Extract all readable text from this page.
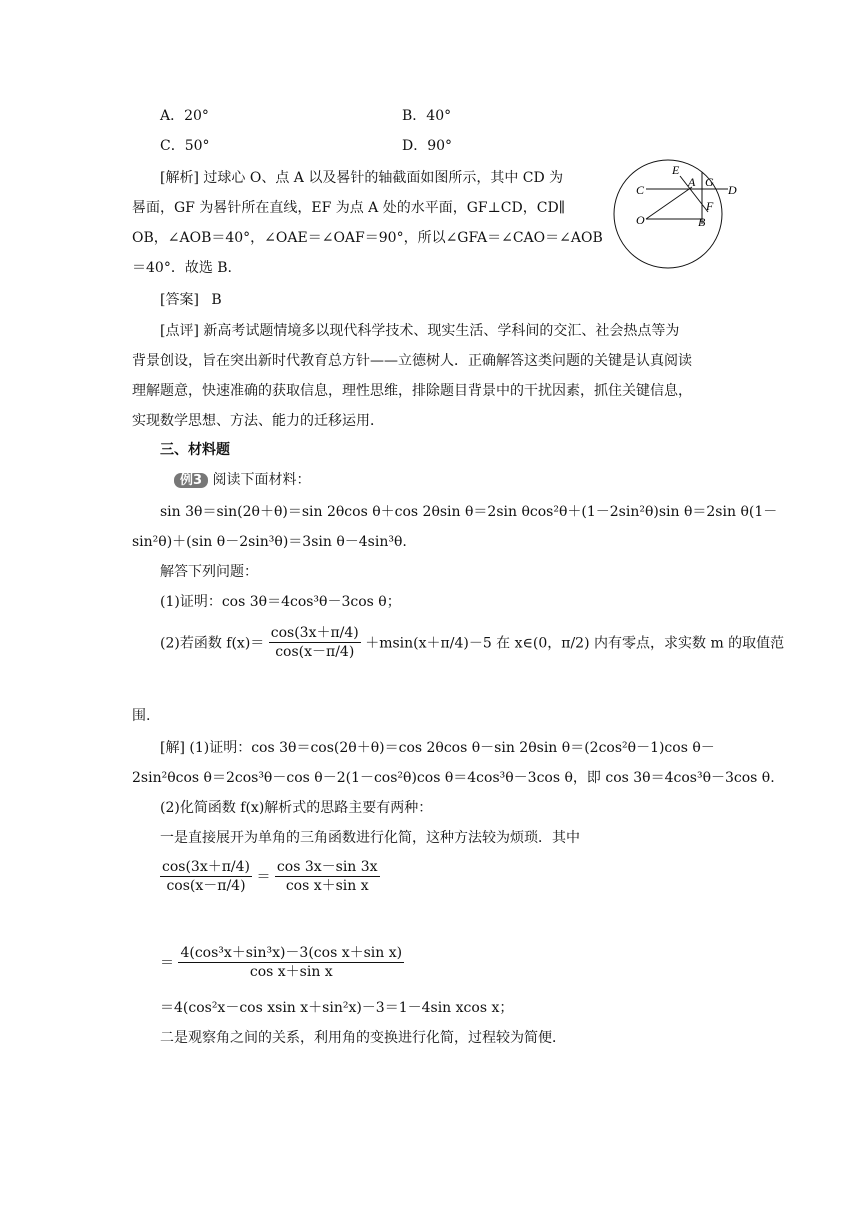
A．20°	B．40°
C．50°	D．90°
[解析] 过球心 O、点 A 以及晷针的轴截面如图所示，其中 CD 为
晷面，GF 为晷针所在直线，EF 为点 A 处的水平面，GF⊥CD，CD∥
OB，∠AOB＝40°，∠OAE＝∠OAF＝90°，所以∠GFA＝∠CAO＝∠AOB
＝40°．故选 B.
E
A G
D
C
F
O	B
[答案] B
[点评] 新高考试题情境多以现代科学技术、现实生活、学科间的交汇、社会热点等为
背景创设，旨在突出新时代教育总方针——立德树人．正确解答这类问题的关键是认真阅读
理解题意，快速准确的获取信息，理性思维，排除题目背景中的干扰因素，抓住关键信息，
实现数学思想、方法、能力的迁移运用．
三、材料题
例3 阅读下面材料：
sin 3θ＝sin(2θ＋θ)＝sin 2θcos θ＋cos 2θsin θ＝2sin θcos²θ＋(1－2sin²θ)sin θ＝2sin θ(1－
sin²θ)＋(sin θ－2sin³θ)＝3sin θ－4sin³θ.
解答下列问题：
(1)证明：cos 3θ＝4cos³θ－3cos θ；
(2)若函数 $f(x)= \frac{\cos(3x+\pi/4)}{\cos(x-\pi/4)} +msin(x+\pi/4)-5$ 在 x∈(0，π/2) 内有零点，求实数 m 的取值范
围.
[解] (1)证明：cos 3θ＝cos(2θ＋θ)＝cos 2θcos θ－sin 2θsin θ＝(2cos²θ－1)cos θ－
2sin²θcos θ＝2cos³θ－cos θ－2(1－cos²θ)cos θ＝4cos³θ－3cos θ，即 cos 3θ＝4cos³θ－3cos θ.
(2)化简函数 f(x)解析式的思路主要有两种：
一是直接展开为单角的三角函数进行化简，这种方法较为烦琐．其中
$\frac{\cos(3x+\pi/4)}{\cos(x-\pi/4)} = \frac{\cos 3x-\sin 3x}{\text{cos x＋sin x}}$
＝ $\frac{\text{4(cos³x＋sin³x)－3(cos x＋sin x)}}{\text{cos x＋sin x}}$
＝4(cos²x－cos xsin x＋sin²x)－3＝1－4sin xcos x；
二是观察角之间的关系，利用角的变换进行化简，过程较为简便．
